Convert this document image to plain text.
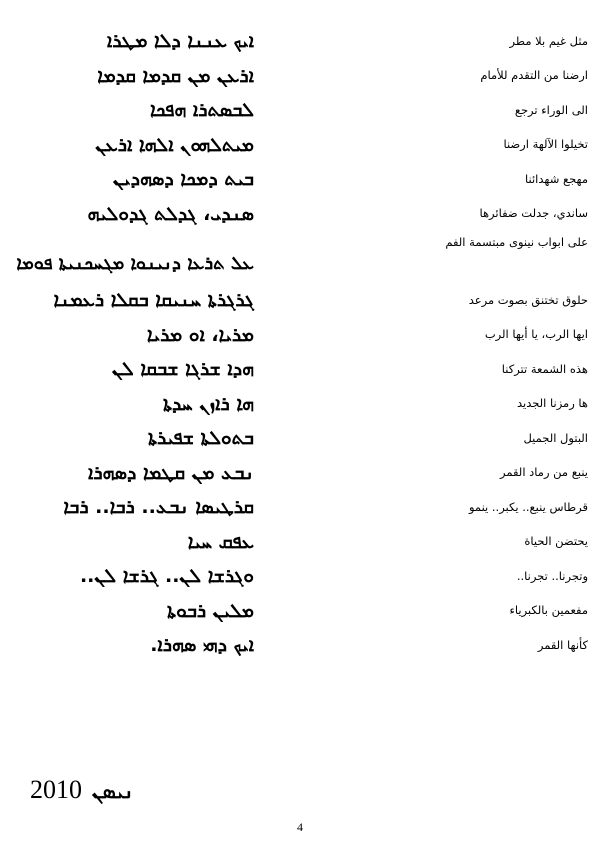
مثل غيم بلا مطر
ܐܝܟ ܥܢܢܐ ܕܠܐ ܡܛܪܐ
ارضنا من التقدم للأمام
ܐܪܥܢ ܡܢ ܩܕܡܐ ܩܕܡܐ
الى الوراء ترجع
ܠܒܣܬܪܐ ܗܦܟܐ
تخيلوا الآلهة ارضنا
ܡܝܬܠܗܘܢ ܐܠܗܐ ܐܪܥܢ
مهجع شهدائنا
ܒܝܬ ܕܡܟܐ ܕܣܗܕܝܢ
ساندي، جدلت ضفائرها
ܣܢܕܝ، ܓܕܠܬ ܓܕܘܠܝܗ
على ابواب نينوى مبتسمة الفم
ܥܠ ܬܪܥܐ ܕܢܝܢܘܐ ܡܓܚܟܢܝܬܐ ܦܘܡܐ
حلوق تختنق بصوت مرعد
ܓܪܓܪܬܐ ܚܢܝܩܐ ܒܩܠܐ ܪܥܡܢܐ
ايها الرب، يا أيها الرب
ܡܪܝܐ، ܐܘ ܡܪܝܐ
هذه الشمعة تتركنا
ܗܕܐ ܫܪܓܐ ܫܒܩܐ ܠܢ
ها رمزنا الجديد
ܗܐ ܪܐܙܢ ܚܕܬܐ
البتول الجميل
ܒܬܘܠܬܐ ܫܦܝܪܬܐ
ينبع من رماد القمر
ܢܒܥ ܡܢ ܩܛܡܐ ܕܣܗܪܐ
قرطاس ينبع.. يكبر.. ينمو
ܩܪܛܝܣܐ ܢܒܥ.. ܪܒܐ.. ܪܒܐ
يحتضن الحياة
ܥܦܩ ܚܝܐ
وتجرنا.. تجرنا..
ܘܓܪܫܐ ܠܢ.. ܓܪܫܐ ܠܢ..
مفعمين بالكبرياء
ܡܠܝܢ ܪܒܘܬܐ
كأنها القمر
ܐܝܟ ܕܗܝ ܣܗܪܐ.
2010 ܢܝܣܢ
4
